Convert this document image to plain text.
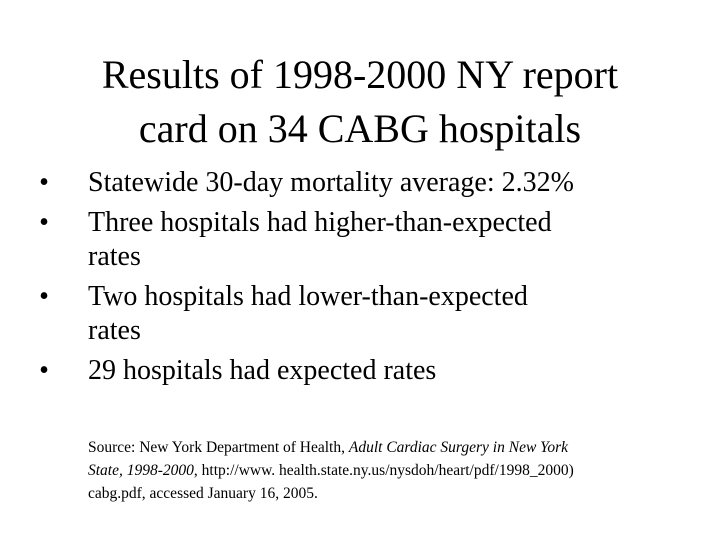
Results of 1998-2000 NY report
card on 34 CABG hospitals
• Statewide 30-day mortality average: 2.32%
• Three hospitals had higher-than-expected
rates
• Two hospitals had lower-than-expected
rates
• 29 hospitals had expected rates

Source: New York Department of Health, Adult Cardiac Surgery in New York
State, 1998-2000, http://www. health.state.ny.us/nysdoh/heart/pdf/1998_2000)
cabg.pdf, accessed January 16, 2005.
